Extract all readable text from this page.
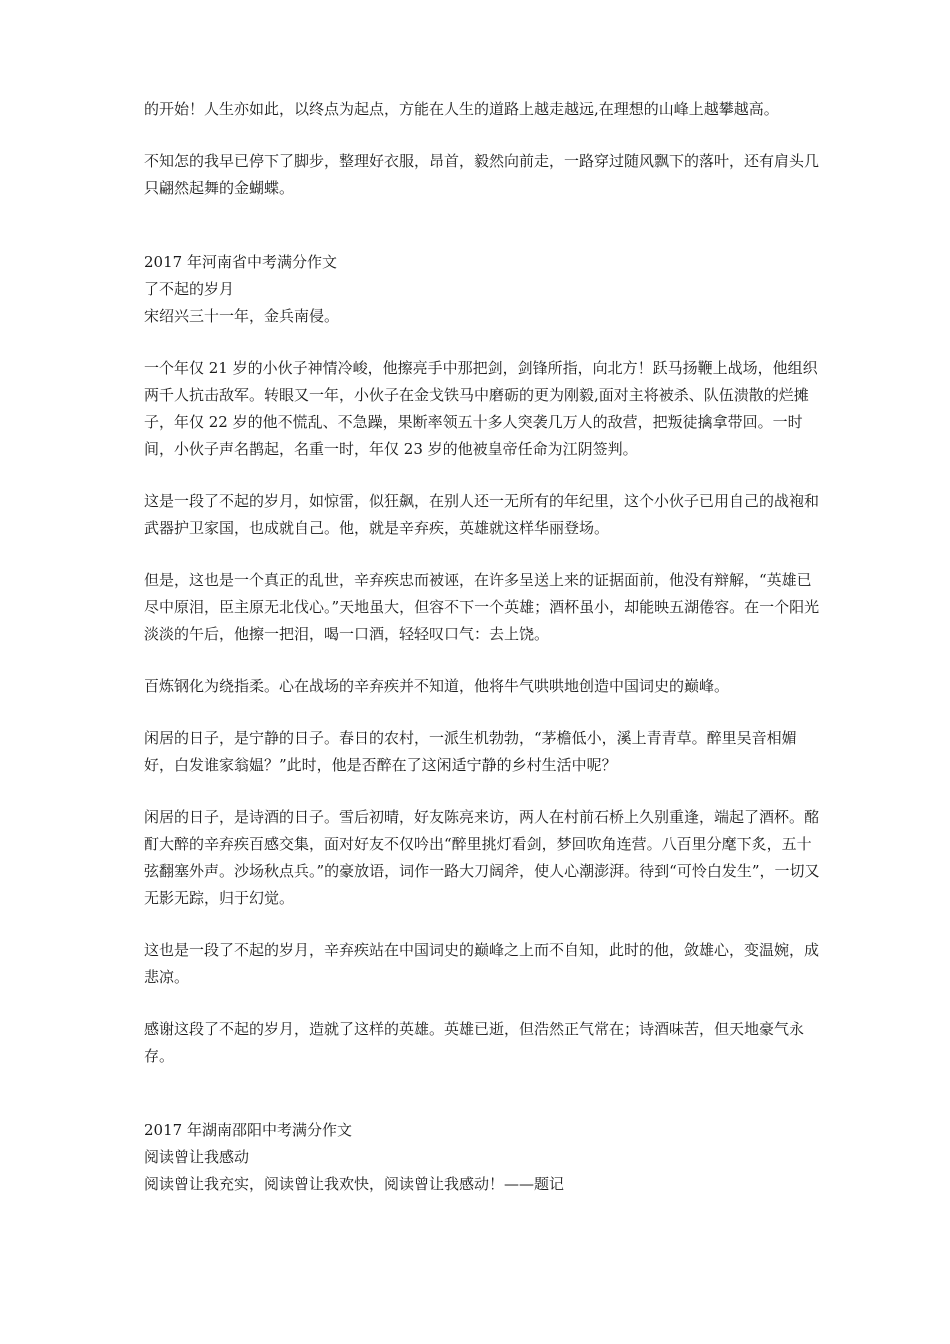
的开始！人生亦如此，以终点为起点，方能在人生的道路上越走越远,在理想的山峰上越攀越高。

不知怎的我早已停下了脚步，整理好衣服，昂首，毅然向前走，一路穿过随风飘下的落叶，还有肩头几只翩然起舞的金蝴蝶。

2017 年河南省中考满分作文

了不起的岁月

宋绍兴三十一年，金兵南侵。

一个年仅 21 岁的小伙子神情冷峻，他擦亮手中那把剑，剑锋所指，向北方！跃马扬鞭上战场，他组织两千人抗击敌军。转眼又一年，小伙子在金戈铁马中磨砺的更为刚毅,面对主将被杀、队伍溃散的烂摊子，年仅 22 岁的他不慌乱、不急躁，果断率领五十多人突袭几万人的敌营，把叛徒擒拿带回。一时间，小伙子声名鹊起，名重一时，年仅 23 岁的他被皇帝任命为江阴签判。

这是一段了不起的岁月，如惊雷，似狂飙，在别人还一无所有的年纪里，这个小伙子已用自己的战袍和武器护卫家国，也成就自己。他，就是辛弃疾，英雄就这样华丽登场。

但是，这也是一个真正的乱世，辛弃疾忠而被诬，在许多呈送上来的证据面前，他没有辩解，“英雄已尽中原泪，臣主原无北伐心。”天地虽大，但容不下一个英雄；酒杯虽小，却能映五湖倦容。在一个阳光淡淡的午后，他擦一把泪，喝一口酒，轻轻叹口气：去上饶。

百炼钢化为绕指柔。心在战场的辛弃疾并不知道，他将牛气哄哄地创造中国词史的巅峰。

闲居的日子，是宁静的日子。春日的农村，一派生机勃勃，“茅檐低小，溪上青青草。醉里吴音相媚好，白发谁家翁媪？”此时，他是否醉在了这闲适宁静的乡村生活中呢？

闲居的日子，是诗酒的日子。雪后初晴，好友陈亮来访，两人在村前石桥上久别重逢，端起了酒杯。酩酊大醉的辛弃疾百感交集，面对好友不仅吟出“醉里挑灯看剑，梦回吹角连营。八百里分麾下炙，五十弦翻塞外声。沙场秋点兵。”的豪放语，词作一路大刀阔斧，使人心潮澎湃。待到“可怜白发生”，一切又无影无踪，归于幻觉。

这也是一段了不起的岁月，辛弃疾站在中国词史的巅峰之上而不自知，此时的他，敛雄心，变温婉，成悲凉。

感谢这段了不起的岁月，造就了这样的英雄。英雄已逝，但浩然正气常在；诗酒味苦，但天地豪气永存。

2017 年湖南邵阳中考满分作文

阅读曾让我感动

阅读曾让我充实，阅读曾让我欢快，阅读曾让我感动！——题记
